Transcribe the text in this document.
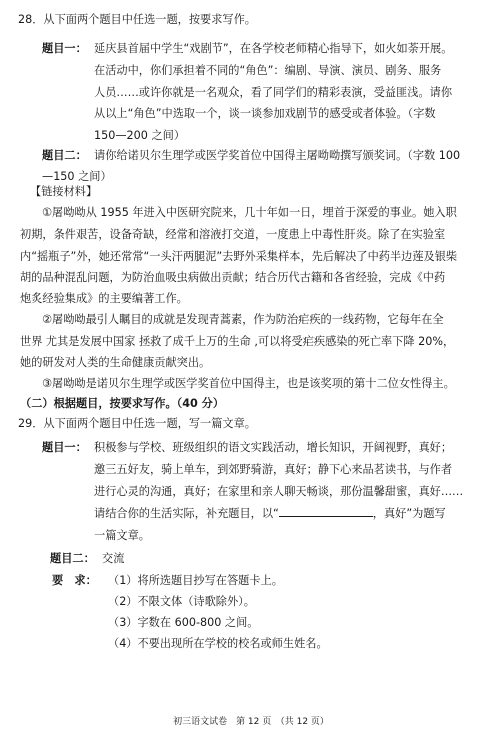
28．从下面两个题目中任选一题，按要求写作。
题目一： 延庆县首届中学生“戏剧节”，在各学校老师精心指导下，如火如荼开展。
在活动中，你们承担着不同的“角色”：编剧、导演、演员、剧务、服务
人员……或许你就是一名观众，看了同学们的精彩表演，受益匪浅。请你
从以上“角色”中选取一个，谈一谈参加戏剧节的感受或者体验。（字数
150—200 之间）
题目二： 请你给诺贝尔生理学或医学奖首位中国得主屠呦呦撰写颁奖词。（字数 100
—150 之间）
【链接材料】
①屠呦呦从 1955 年进入中医研究院来，几十年如一日，埋首于深爱的事业。她入职
初期，条件艰苦，设备奇缺，经常和溶液打交道，一度患上中毒性肝炎。除了在实验室
内“摇瓶子”外，她还常常“一头汗两腿泥”去野外采集样本，先后解决了中药半边莲及银柴
胡的品种混乱问题，为防治血吸虫病做出贡献；结合历代古籍和各省经验，完成《中药
炮炙经验集成》的主要编著工作。
②屠呦呦最引人瞩目的成就是发现青蒿素，作为防治疟疾的一线药物，它每年在全
世界 尤其是发展中国家 拯救了成千上万的生命 ,可以将受疟疾感染的死亡率下降 20%，
她的研发对人类的生命健康贡献突出。
③屠呦呦是诺贝尔生理学或医学奖首位中国得主，也是该奖项的第十二位女性得主。
（二）根据题目，按要求写作。（40 分）
29．从下面两个题目中任选一题，写一篇文章。
题目一： 积极参与学校、班级组织的语文实践活动，增长知识，开阔视野，真好；
邀三五好友，骑上单车，到郊野骑游，真好；静下心来品茗读书，与作者
进行心灵的沟通，真好；在家里和亲人聊天畅谈，那份温馨甜蜜，真好……
请结合你的生活实际，补充题目，以“	，真好”为题写
一篇文章。
题目二： 交流
要　求： （1）将所选题目抄写在答题卡上。
（2）不限文体（诗歌除外）。
（3）字数在 600-800 之间。
（4）不要出现所在学校的校名或师生姓名。
初三语文试卷　第 12 页　（共 12 页）
